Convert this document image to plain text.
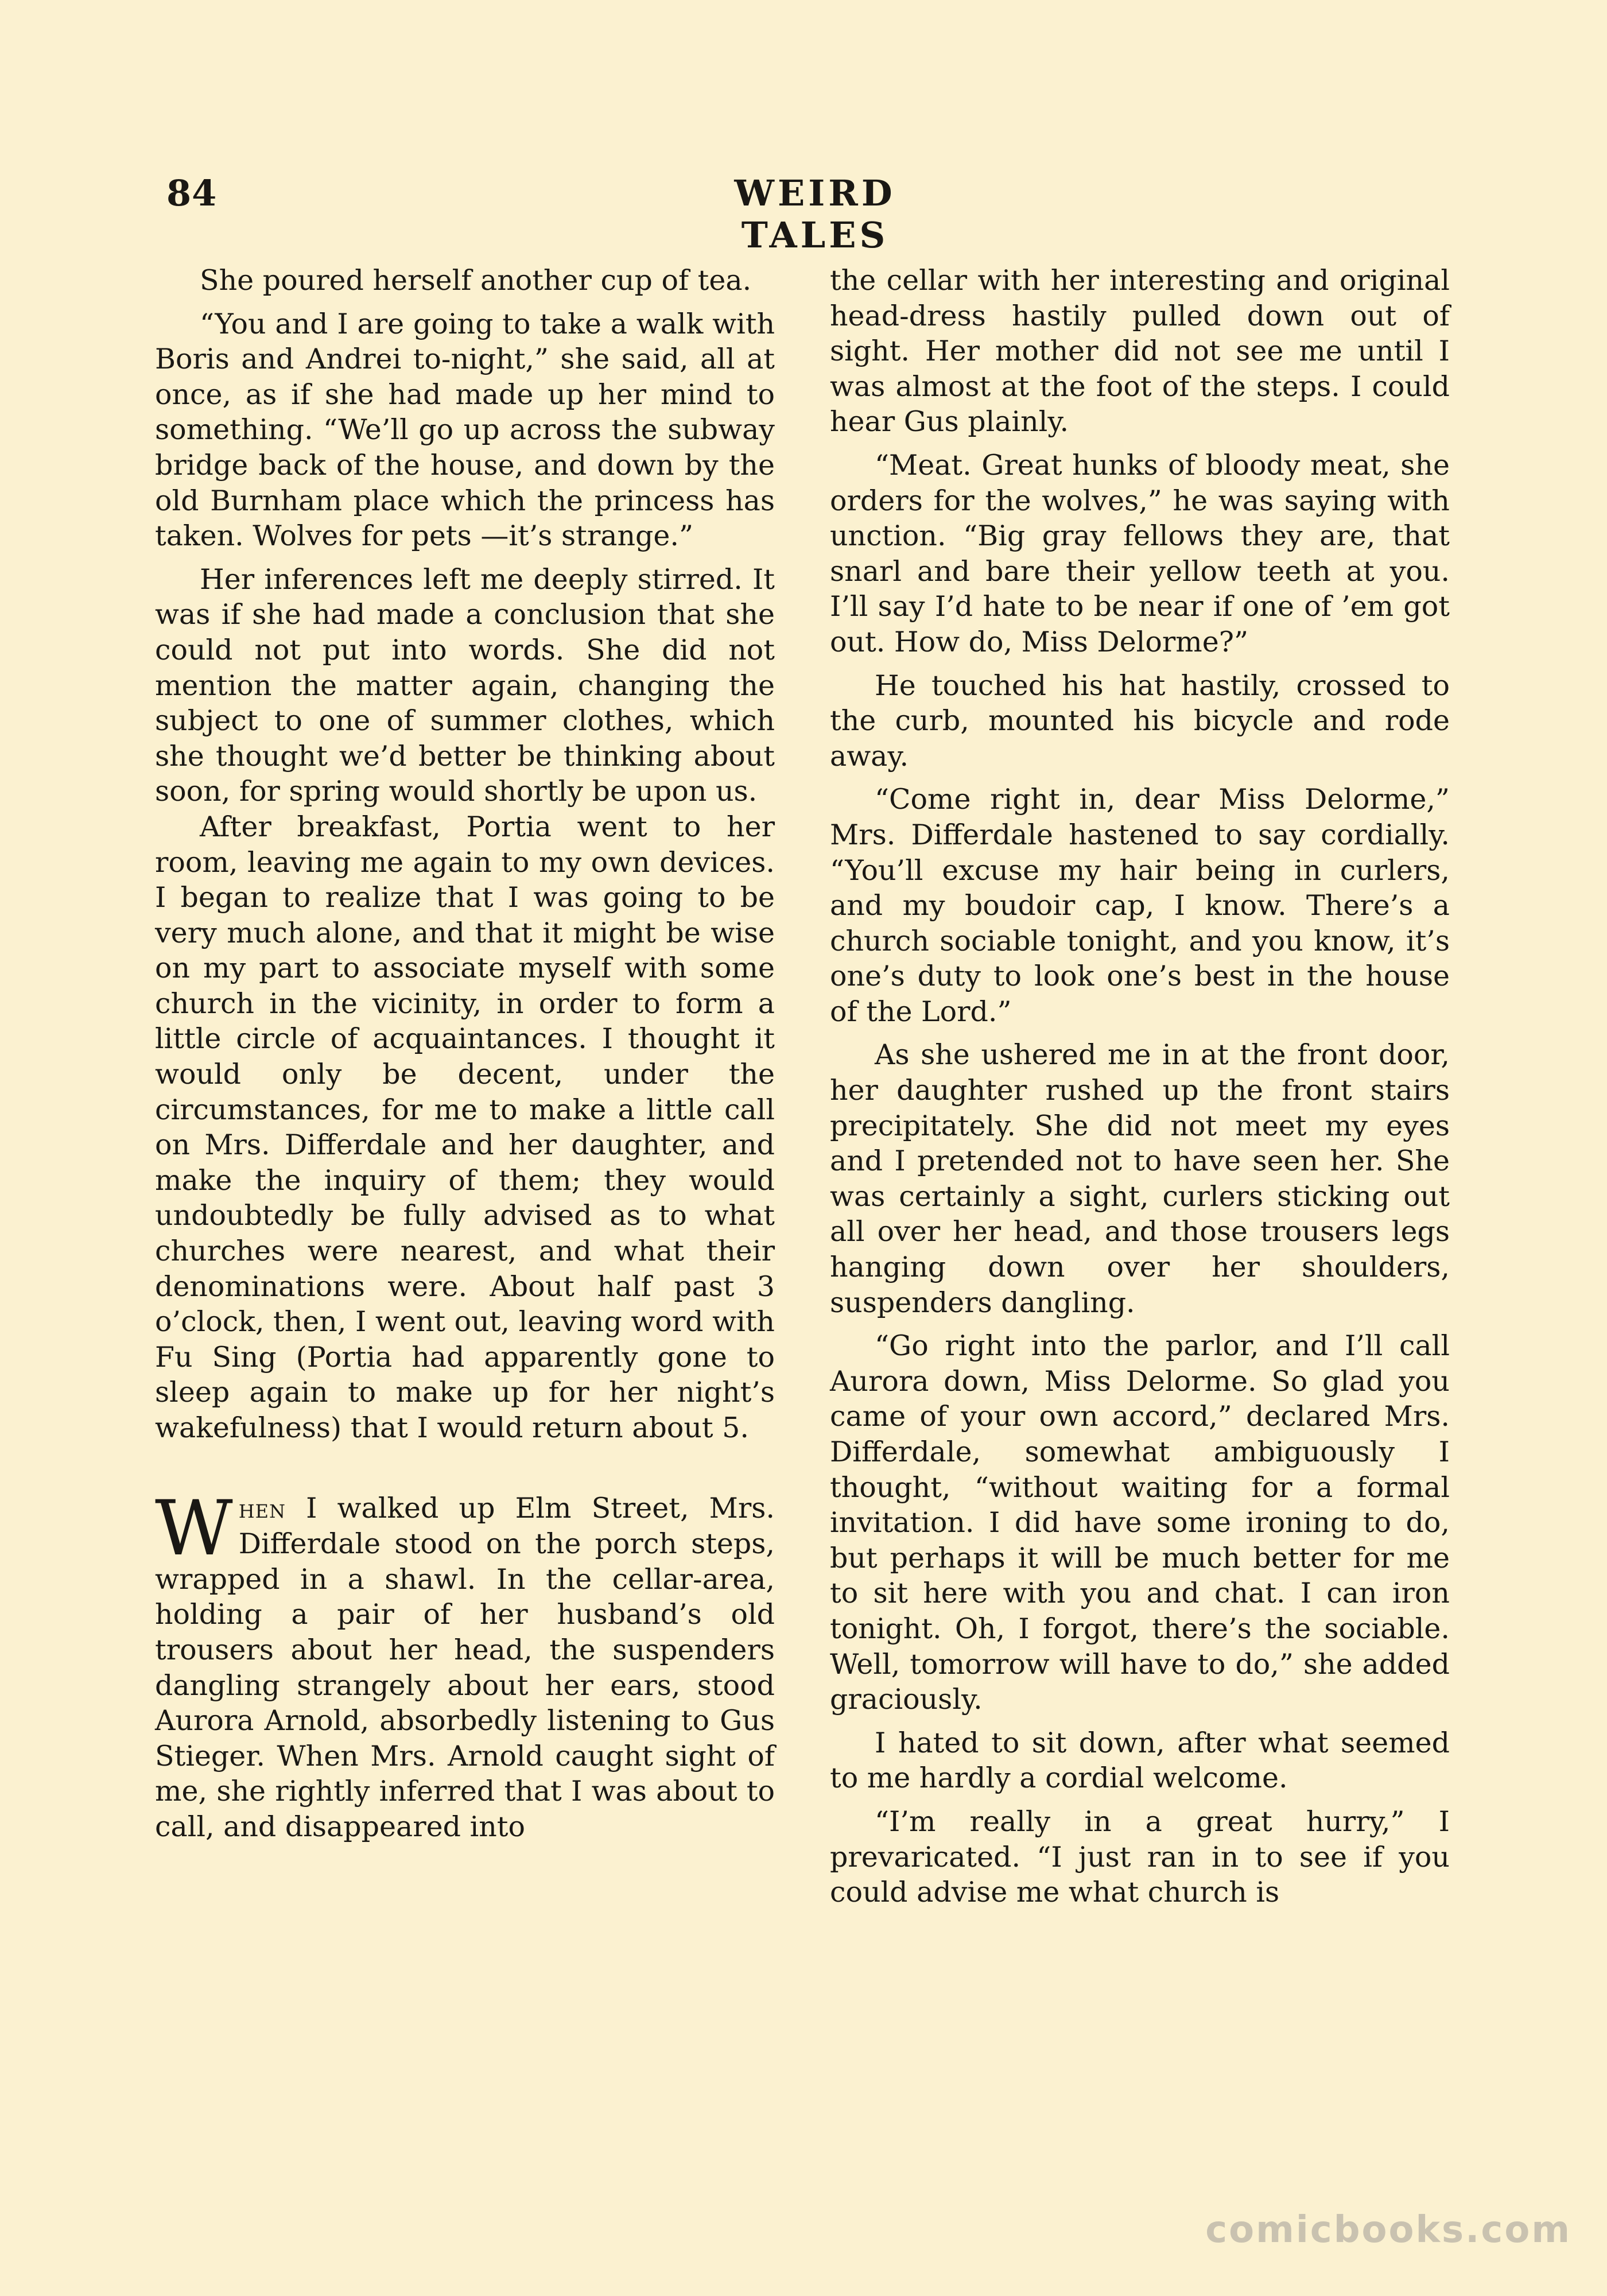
84	WEIRD TALES

She poured herself another cup of tea.

“You and I are going to take a walk with Boris and Andrei to-night,” she said, all at once, as if she had made up her mind to something. “We’ll go up across the subway bridge back of the house, and down by the old Burnham place which the princess has taken. Wolves for pets —it’s strange.”

Her inferences left me deeply stirred. It was if she had made a conclusion that she could not put into words. She did not mention the matter again, changing the subject to one of summer clothes, which she thought we’d better be thinking about soon, for spring would shortly be upon us.

After breakfast, Portia went to her room, leaving me again to my own devices. I began to realize that I was going to be very much alone, and that it might be wise on my part to associate myself with some church in the vicinity, in order to form a little circle of acquaintances. I thought it would only be decent, under the circumstances, for me to make a little call on Mrs. Differdale and her daughter, and make the inquiry of them; they would undoubtedly be fully advised as to what churches were nearest, and what their denominations were. About half past 3 o’clock, then, I went out, leaving word with Fu Sing (Portia had apparently gone to sleep again to make up for her night’s wakefulness) that I would return about 5.

When I walked up Elm Street, Mrs. Differdale stood on the porch steps, wrapped in a shawl. In the cellar-area, holding a pair of her husband’s old trousers about her head, the suspenders dangling strangely about her ears, stood Aurora Arnold, absorbedly listening to Gus Stieger. When Mrs. Arnold caught sight of me, she rightly inferred that I was about to call, and disappeared into

the cellar with her interesting and original head-dress hastily pulled down out of sight. Her mother did not see me until I was almost at the foot of the steps. I could hear Gus plainly.

“Meat. Great hunks of bloody meat, she orders for the wolves,” he was saying with unction. “Big gray fellows they are, that snarl and bare their yellow teeth at you. I’ll say I’d hate to be near if one of ’em got out. How do, Miss Delorme?”

He touched his hat hastily, crossed to the curb, mounted his bicycle and rode away.

“Come right in, dear Miss Delorme,” Mrs. Differdale hastened to say cordially. “You’ll excuse my hair being in curlers, and my boudoir cap, I know. There’s a church sociable tonight, and you know, it’s one’s duty to look one’s best in the house of the Lord.”

As she ushered me in at the front door, her daughter rushed up the front stairs precipitately. She did not meet my eyes and I pretended not to have seen her. She was certainly a sight, curlers sticking out all over her head, and those trousers legs hanging down over her shoulders, suspenders dangling.

“Go right into the parlor, and I’ll call Aurora down, Miss Delorme. So glad you came of your own accord,” declared Mrs. Differdale, somewhat ambiguously I thought, “without waiting for a formal invitation. I did have some ironing to do, but perhaps it will be much better for me to sit here with you and chat. I can iron tonight. Oh, I forgot, there’s the sociable. Well, tomorrow will have to do,” she added graciously.

I hated to sit down, after what seemed to me hardly a cordial welcome.

“I’m really in a great hurry,” I prevaricated. “I just ran in to see if you could advise me what church is

comicbooks.com
